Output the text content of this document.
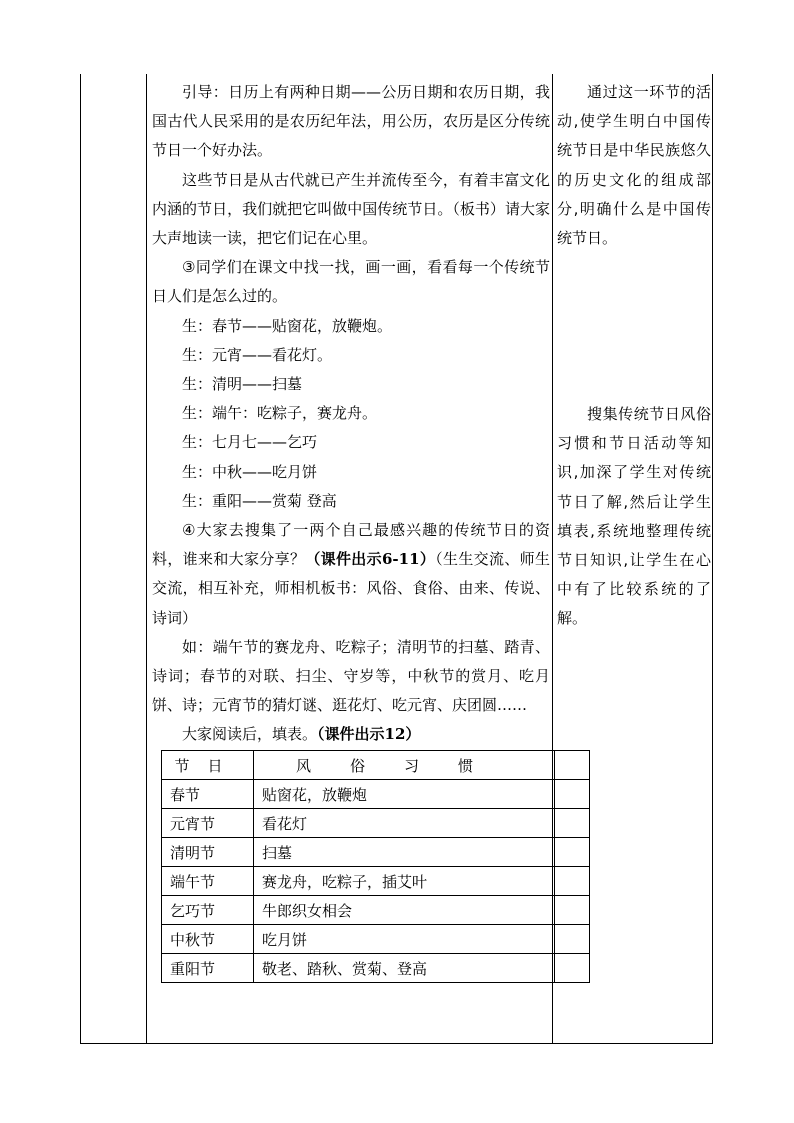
引导：日历上有两种日期——公历日期和农历日期，我国古代人民采用的是农历纪年法，用公历，农历是区分传统节日一个好办法。

这些节日是从古代就已产生并流传至今，有着丰富文化内涵的节日，我们就把它叫做中国传统节日。（板书）请大家大声地读一读，把它们记在心里。

③同学们在课文中找一找，画一画，看看每一个传统节日人们是怎么过的。

生：春节——贴窗花，放鞭炮。

生：元宵——看花灯。

生：清明——扫墓

生：端午：吃粽子，赛龙舟。

生：七月七——乞巧

生：中秋——吃月饼

生：重阳——赏菊 登高

④大家去搜集了一两个自己最感兴趣的传统节日的资料，谁来和大家分享？（课件出示6-11）（生生交流、师生交流，相互补充，师相机板书：风俗、食俗、由来、传说、诗词）

如：端午节的赛龙舟、吃粽子；清明节的扫墓、踏青、诗词；春节的对联、扫尘、守岁等，中秋节的赏月、吃月饼、诗；元宵节的猜灯谜、逛花灯、吃元宵、庆团圆……

大家阅读后，填表。（课件出示12）

通过这一环节的活动,使学生明白中国传统节日是中华民族悠久的历史文化的组成部分,明确什么是中国传统节日。

搜集传统节日风俗习惯和节日活动等知识,加深了学生对传统节日了解,然后让学生填表,系统地整理传统节日知识,让学生在心中有了比较系统的了解。

节日	风俗习惯	
春节	贴窗花，放鞭炮	
元宵节	看花灯	
清明节	扫墓	
端午节	赛龙舟，吃粽子，插艾叶	
乞巧节	牛郎织女相会	
中秋节	吃月饼	
重阳节	敬老、踏秋、赏菊、登高	
